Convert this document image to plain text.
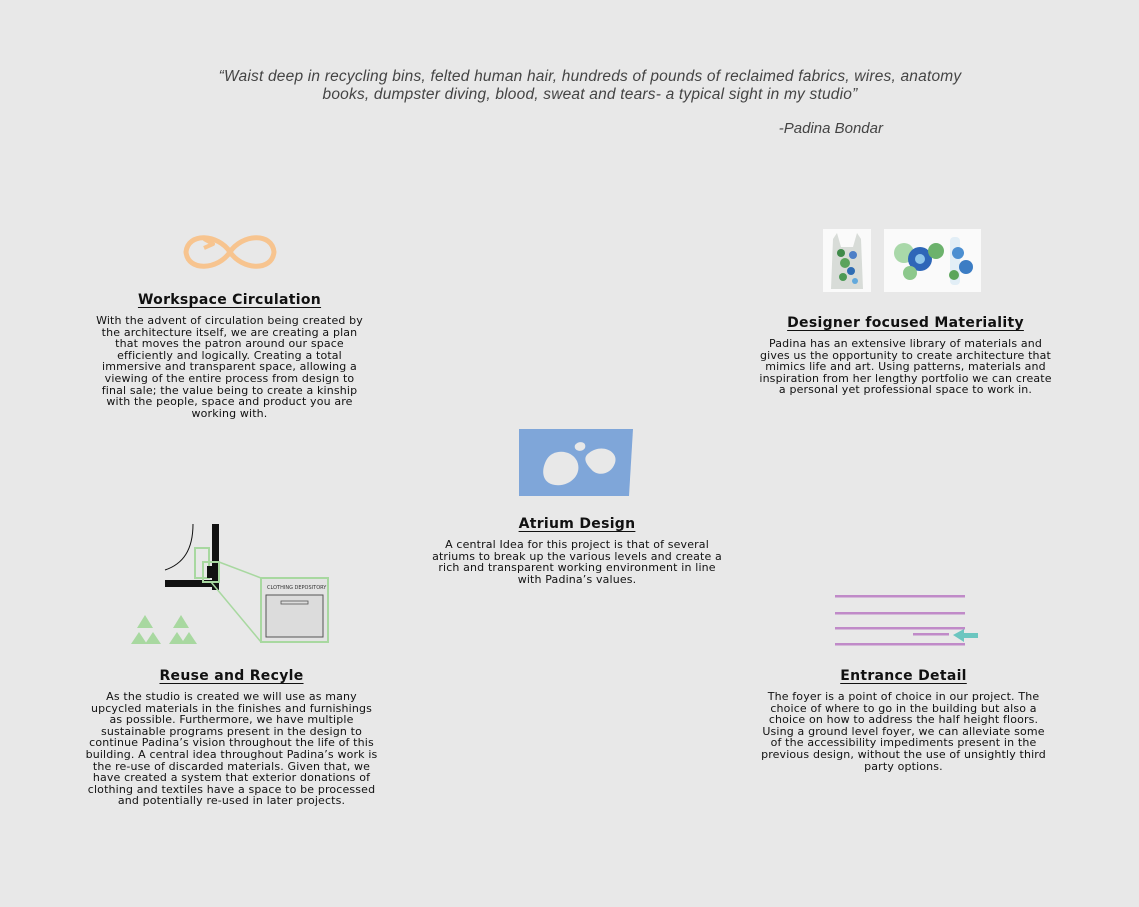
“Waist deep in recycling bins, felted human hair, hundreds of pounds of reclaimed fabrics, wires, anatomy books, dumpster diving, blood, sweat and tears- a typical sight in my studio”
-Padina Bondar
Workspace Circulation

With the advent of circulation being created by the architecture itself, we are creating a plan that moves the patron around our space efficiently and logically. Creating a total immersive and transparent space, allowing a viewing of the entire process from design to final sale; the value being to create a kinship with the people, space and product you are working with.

Designer focused Materiality

Padina has an extensive library of materials and gives us the opportunity to create architecture that mimics life and art. Using patterns, materials and inspiration from her lengthy portfolio we can create a personal yet professional space to work in.

Atrium Design

A central Idea for this project is that of several atriums to break up the various levels and create a rich and transparent working environment in line with Padina’s values.

CLOTHING DEPOSITORY
Reuse and Recyle

As the studio is created we will use as many upcycled materials in the finishes and furnishings as possible. Furthermore, we have multiple sustainable programs present in the design to continue Padina’s vision throughout the life of this building. A central idea throughout Padina’s work is the re-use of discarded materials. Given that, we have created a system that exterior donations of clothing and textiles have a space to be processed and potentially re-used in later projects.

Entrance Detail

The foyer is a point of choice in our project. The choice of where to go in the building but also a choice on how to address the half height floors. Using a ground level foyer, we can alleviate some of the accessibility impediments present in the previous design, without the use of unsightly third party options.
